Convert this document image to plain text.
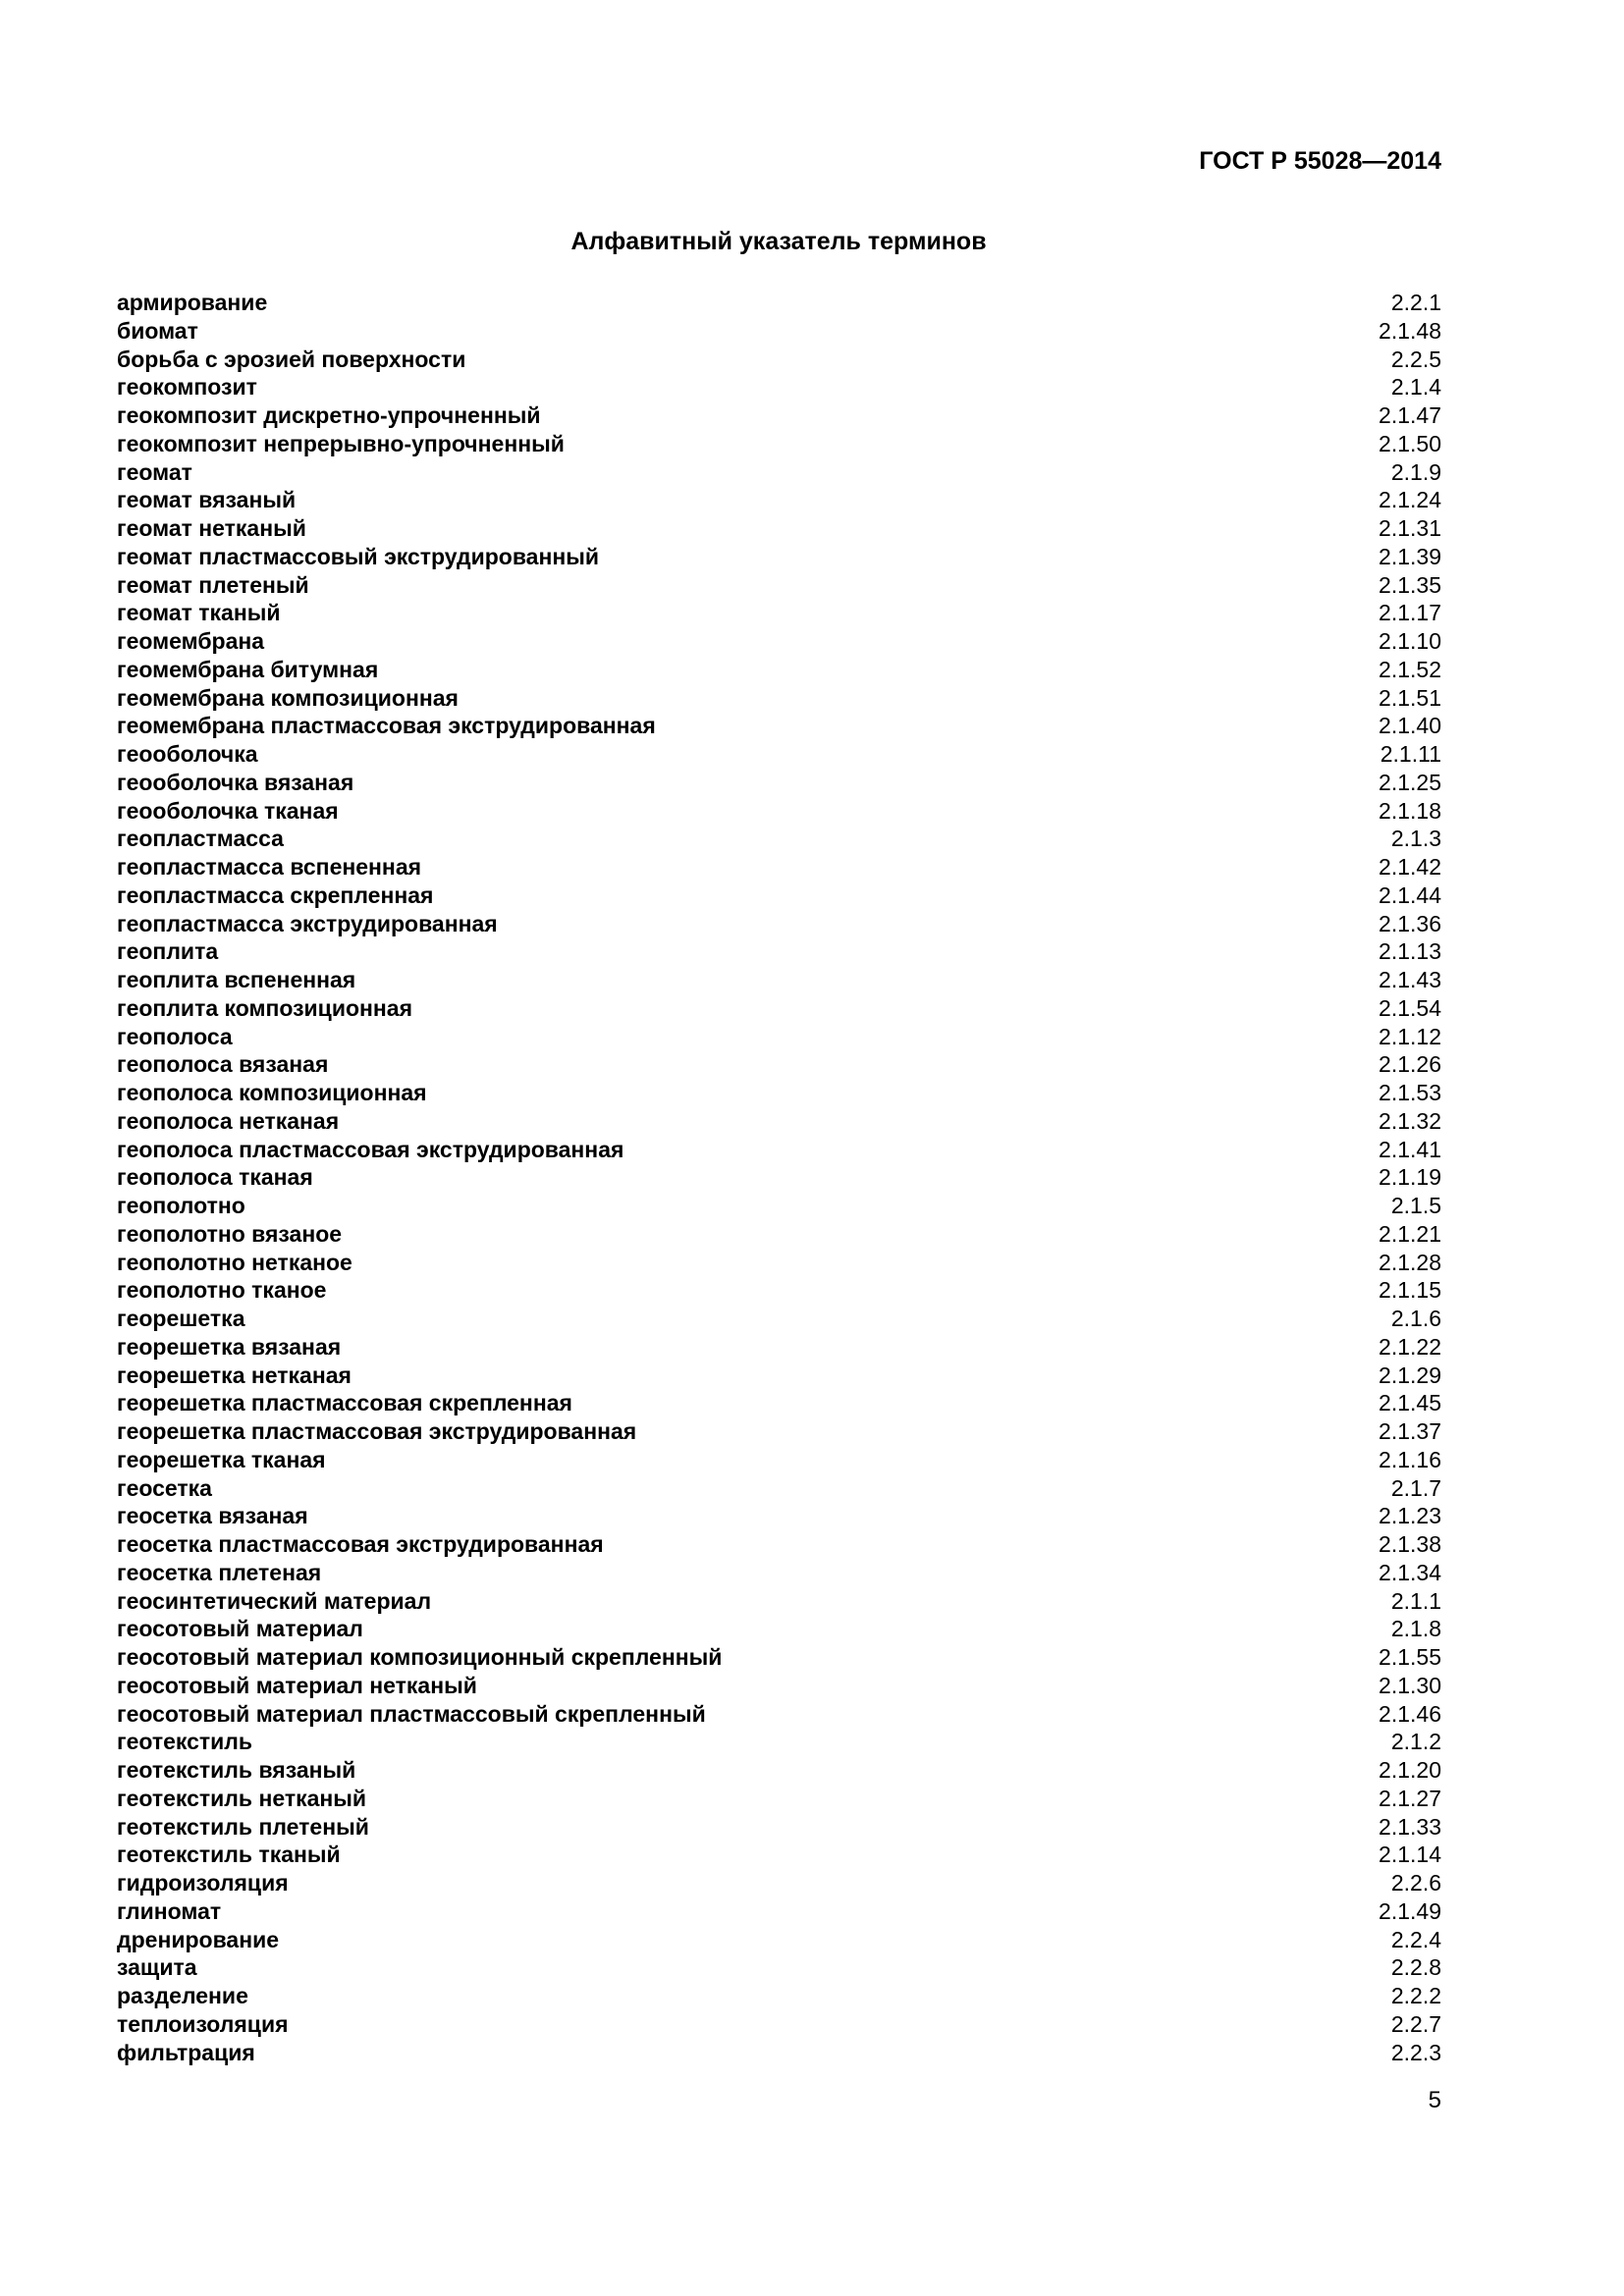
ГОСТ Р 55028—2014
Алфавитный указатель терминов
армирование	2.2.1
биомат	2.1.48
борьба с эрозией поверхности	2.2.5
геокомпозит	2.1.4
геокомпозит дискретно-упрочненный	2.1.47
геокомпозит непрерывно-упрочненный	2.1.50
геомат	2.1.9
геомат вязаный	2.1.24
геомат нетканый	2.1.31
геомат пластмассовый экструдированный	2.1.39
геомат плетеный	2.1.35
геомат тканый	2.1.17
геомембрана	2.1.10
геомембрана битумная	2.1.52
геомембрана композиционная	2.1.51
геомембрана пластмассовая экструдированная	2.1.40
геооболочка	2.1.11
геооболочка вязаная	2.1.25
геооболочка тканая	2.1.18
геопластмасса	2.1.3
геопластмасса вспененная	2.1.42
геопластмасса скрепленная	2.1.44
геопластмасса экструдированная	2.1.36
геоплита	2.1.13
геоплита вспененная	2.1.43
геоплита композиционная	2.1.54
геополоса	2.1.12
геополоса вязаная	2.1.26
геополоса композиционная	2.1.53
геополоса нетканая	2.1.32
геополоса пластмассовая экструдированная	2.1.41
геополоса тканая	2.1.19
геополотно	2.1.5
геополотно вязаное	2.1.21
геополотно нетканое	2.1.28
геополотно тканое	2.1.15
георешетка	2.1.6
георешетка вязаная	2.1.22
георешетка нетканая	2.1.29
георешетка пластмассовая скрепленная	2.1.45
георешетка пластмассовая экструдированная	2.1.37
георешетка тканая	2.1.16
геосетка	2.1.7
геосетка вязаная	2.1.23
геосетка пластмассовая экструдированная	2.1.38
геосетка плетеная	2.1.34
геосинтетический материал	2.1.1
геосотовый материал	2.1.8
геосотовый материал композиционный скрепленный	2.1.55
геосотовый материал нетканый	2.1.30
геосотовый материал пластмассовый скрепленный	2.1.46
геотекстиль	2.1.2
геотекстиль вязаный	2.1.20
геотекстиль нетканый	2.1.27
геотекстиль плетеный	2.1.33
геотекстиль тканый	2.1.14
гидроизоляция	2.2.6
глиномат	2.1.49
дренирование	2.2.4
защита	2.2.8
разделение	2.2.2
теплоизоляция	2.2.7
фильтрация	2.2.3
5
